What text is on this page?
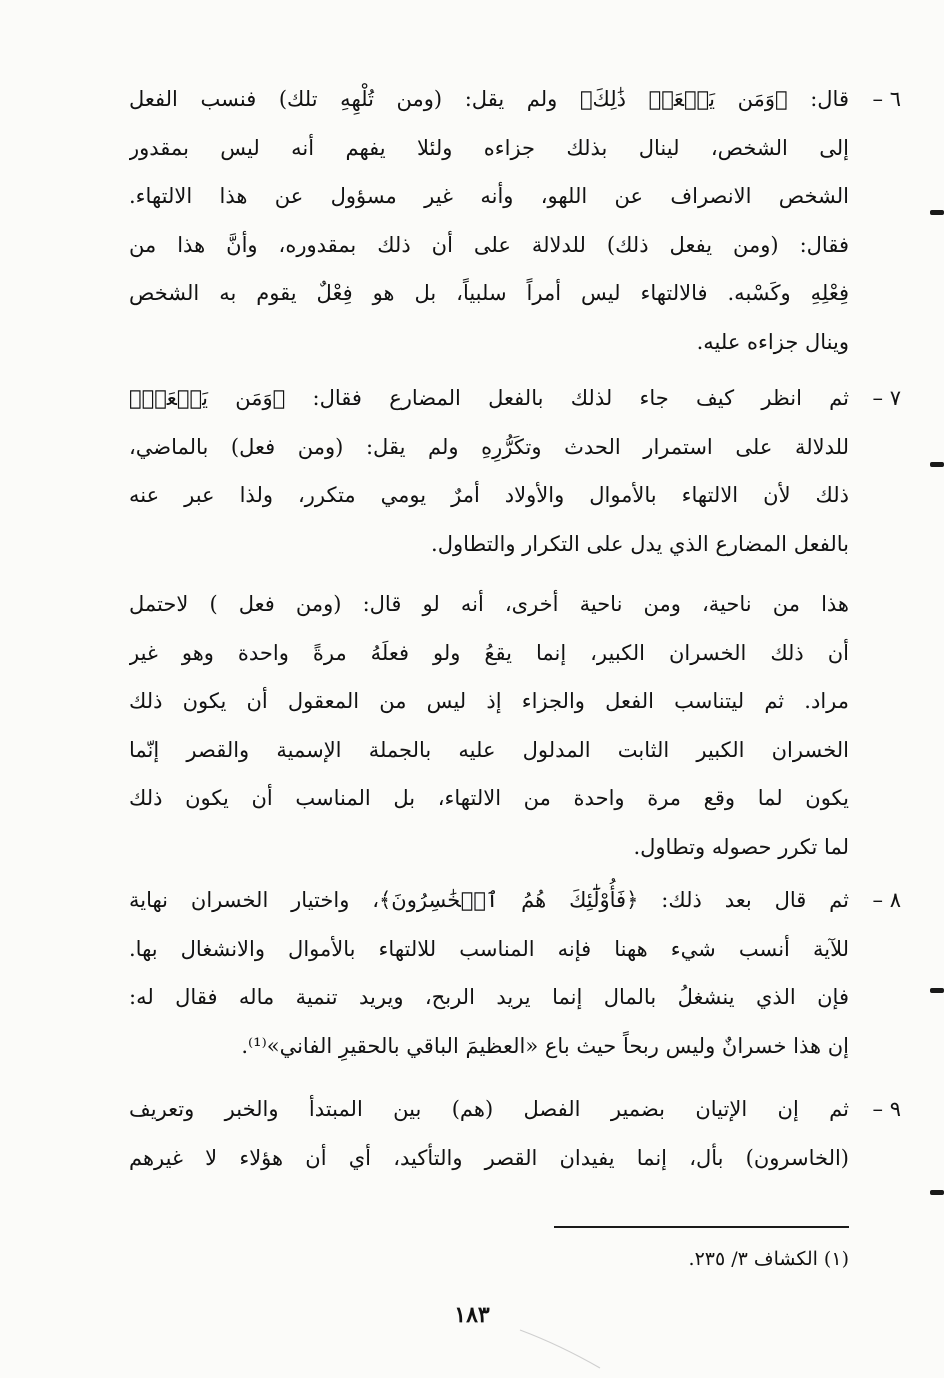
٦ –
قال: ﴿وَمَن يَفۡعَلۡ ذَٰلِكَ﴾ ولم يقل: (ومن تُلْهِهِ تلك) فنسب الفعل
إلى الشخص، لينال بذلك جزاءه ولئلا يفهم أنه ليس بمقدور
الشخص الانصراف عن اللهو، وأنه غير مسؤول عن هذا الالتهاء.
فقال: (ومن يفعل ذلك) للدلالة على أن ذلك بمقدوره، وأنَّ هذا من
فِعْلِهِ وكَسْبه. فالالتهاء ليس أمراً سلبياً، بل هو فِعْلٌ يقوم به الشخص
وينال جزاءه عليه.
٧ –
ثم انظر كيف جاء لذلك بالفعل المضارع فقال: ﴿وَمَن يَفۡعَلۡ﴾
للدلالة على استمرار الحدث وتكَرُّرِهِ ولم يقل: (ومن فعل) بالماضي،
ذلك لأن الالتهاء بالأموال والأولاد أمرٌ يومي متكرر، ولذا عبر عنه
بالفعل المضارع الذي يدل على التكرار والتطاول.
هذا من ناحية، ومن ناحية أخرى، أنه لو قال: (ومن فعل ) لاحتمل
أن ذلك الخسران الكبير، إنما يقعُ ولو فعلَهُ مرةً واحدة وهو غير
مراد. ثم ليتناسب الفعل والجزاء إذ ليس من المعقول أن يكون ذلك
الخسران الكبير الثابت المدلول عليه بالجملة الإسمية والقصر إنّما
يكون لما وقع مرة واحدة من الالتهاء، بل المناسب أن يكون ذلك
لما تكرر حصوله وتطاول.
٨ –
ثم قال بعد ذلك: ﴿فَأُوْلَٰٓئِكَ هُمُ ٱلۡخَٰسِرُونَ﴾، واختيار الخسران نهاية
للآية أنسب شيء ههنا فإنه المناسب للالتهاء بالأموال والانشغال بها.
فإن الذي ينشغلُ بالمال إنما يريد الربح، ويريد تنمية ماله فقال له:
إن هذا خسرانٌ وليس ربحاً حيث باع «العظيمَ الباقي بالحقيرِ الفاني»⁽¹⁾.
٩ –
ثم إن الإتيان بضمير الفصل (هم) بين المبتدأ والخبر وتعريف
(الخاسرون) بأل، إنما يفيدان القصر والتأكيد، أي أن هؤلاء لا غيرهم
(١) الكشاف ٣/ ٢٣٥.
١٨٣
